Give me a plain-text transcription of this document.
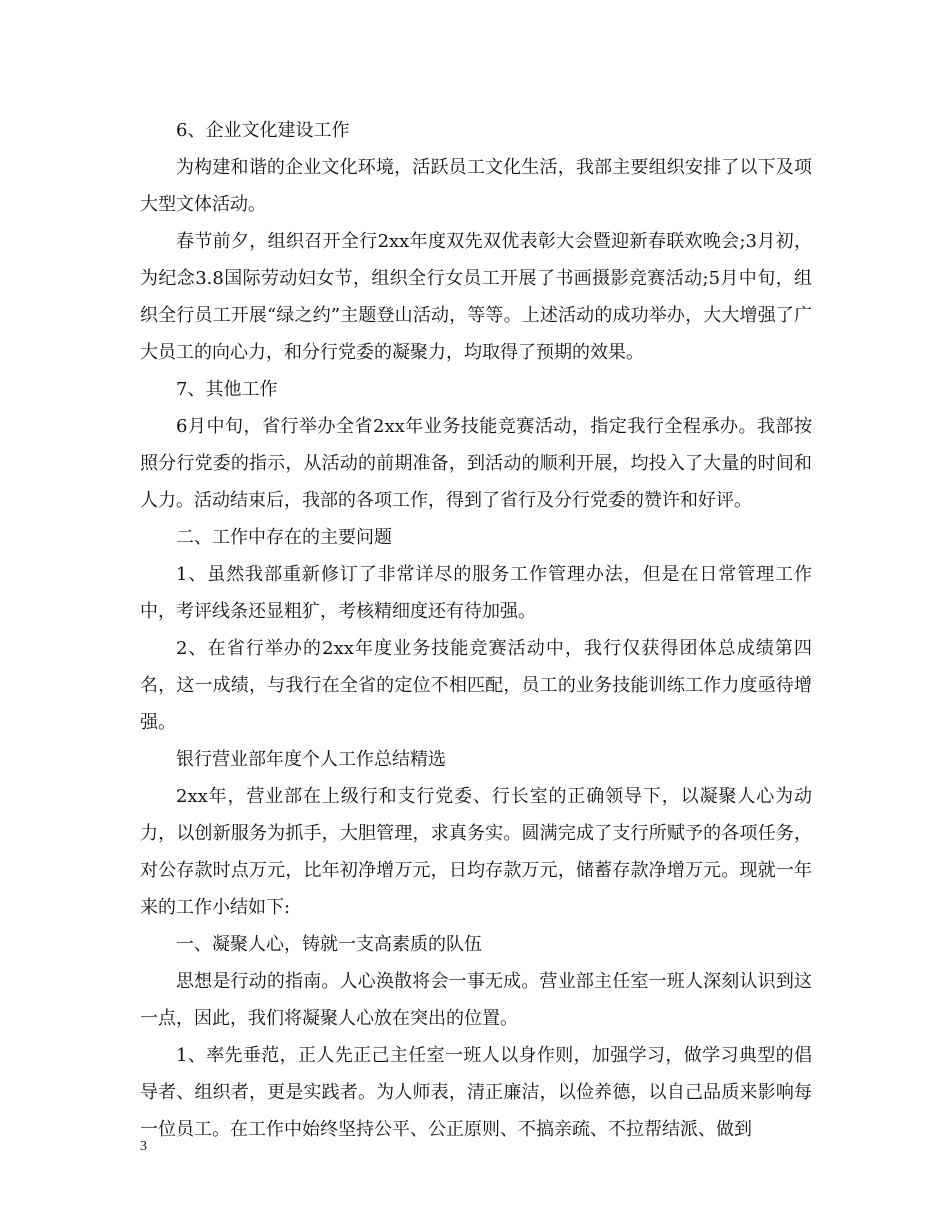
6、企业文化建设工作

为构建和谐的企业文化环境，活跃员工文化生活，我部主要组织安排了以下及项大型文体活动。

春节前夕，组织召开全行2xx年度双先双优表彰大会暨迎新春联欢晚会;3月初，为纪念3.8国际劳动妇女节，组织全行女员工开展了书画摄影竞赛活动;5月中旬，组织全行员工开展“绿之约”主题登山活动，等等。上述活动的成功举办，大大增强了广大员工的向心力，和分行党委的凝聚力，均取得了预期的效果。

7、其他工作

6月中旬，省行举办全省2xx年业务技能竞赛活动，指定我行全程承办。我部按照分行党委的指示，从活动的前期准备，到活动的顺利开展，均投入了大量的时间和人力。活动结束后，我部的各项工作，得到了省行及分行党委的赞许和好评。

二、工作中存在的主要问题

1、虽然我部重新修订了非常详尽的服务工作管理办法，但是在日常管理工作中，考评线条还显粗犷，考核精细度还有待加强。

2、在省行举办的2xx年度业务技能竞赛活动中，我行仅获得团体总成绩第四名，这一成绩，与我行在全省的定位不相匹配，员工的业务技能训练工作力度亟待增强。

银行营业部年度个人工作总结精选

2xx年，营业部在上级行和支行党委、行长室的正确领导下，以凝聚人心为动力，以创新服务为抓手，大胆管理，求真务实。圆满完成了支行所赋予的各项任务，对公存款时点万元，比年初净增万元，日均存款万元，储蓄存款净增万元。现就一年来的工作小结如下:

一、凝聚人心，铸就一支高素质的队伍

思想是行动的指南。人心涣散将会一事无成。营业部主任室一班人深刻认识到这一点，因此，我们将凝聚人心放在突出的位置。

1、率先垂范，正人先正己主任室一班人以身作则，加强学习，做学习典型的倡导者、组织者，更是实践者。为人师表，清正廉洁，以俭养德，以自己品质来影响每一位员工。在工作中始终坚持公平、公正原则、不搞亲疏、不拉帮结派、做到

3
